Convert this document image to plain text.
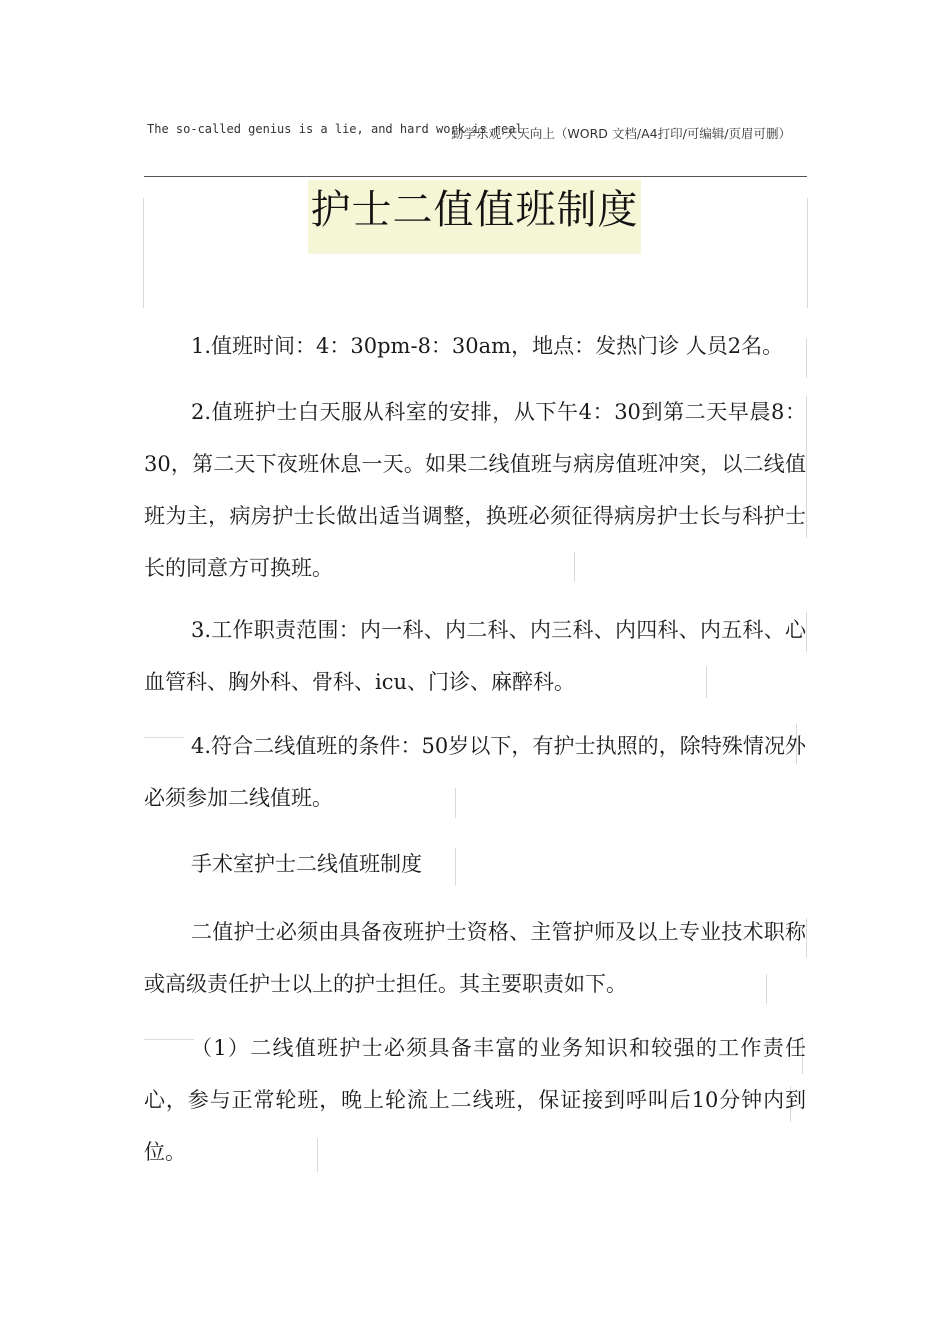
The so-called genius is a lie, and hard work is real
勤学乐观·天天向上（WORD 文档/A4打印/可编辑/页眉可删）
护士二值值班制度

1.值班时间：4：30pm-8：30am，地点：发热门诊 人员2名。

2.值班护士白天服从科室的安排，从下午4：30到第二天早晨8：30，第二天下夜班休息一天。如果二线值班与病房值班冲突，以二线值班为主，病房护士长做出适当调整，换班必须征得病房护士长与科护士长的同意方可换班。

3.工作职责范围：内一科、内二科、内三科、内四科、内五科、心血管科、胸外科、骨科、icu、门诊、麻醉科。

4.符合二线值班的条件：50岁以下，有护士执照的，除特殊情况外必须参加二线值班。

手术室护士二线值班制度

二值护士必须由具备夜班护士资格、主管护师及以上专业技术职称或高级责任护士以上的护士担任。其主要职责如下。

（1）二线值班护士必须具备丰富的业务知识和较强的工作责任心，参与正常轮班，晚上轮流上二线班，保证接到呼叫后10分钟内到位。
